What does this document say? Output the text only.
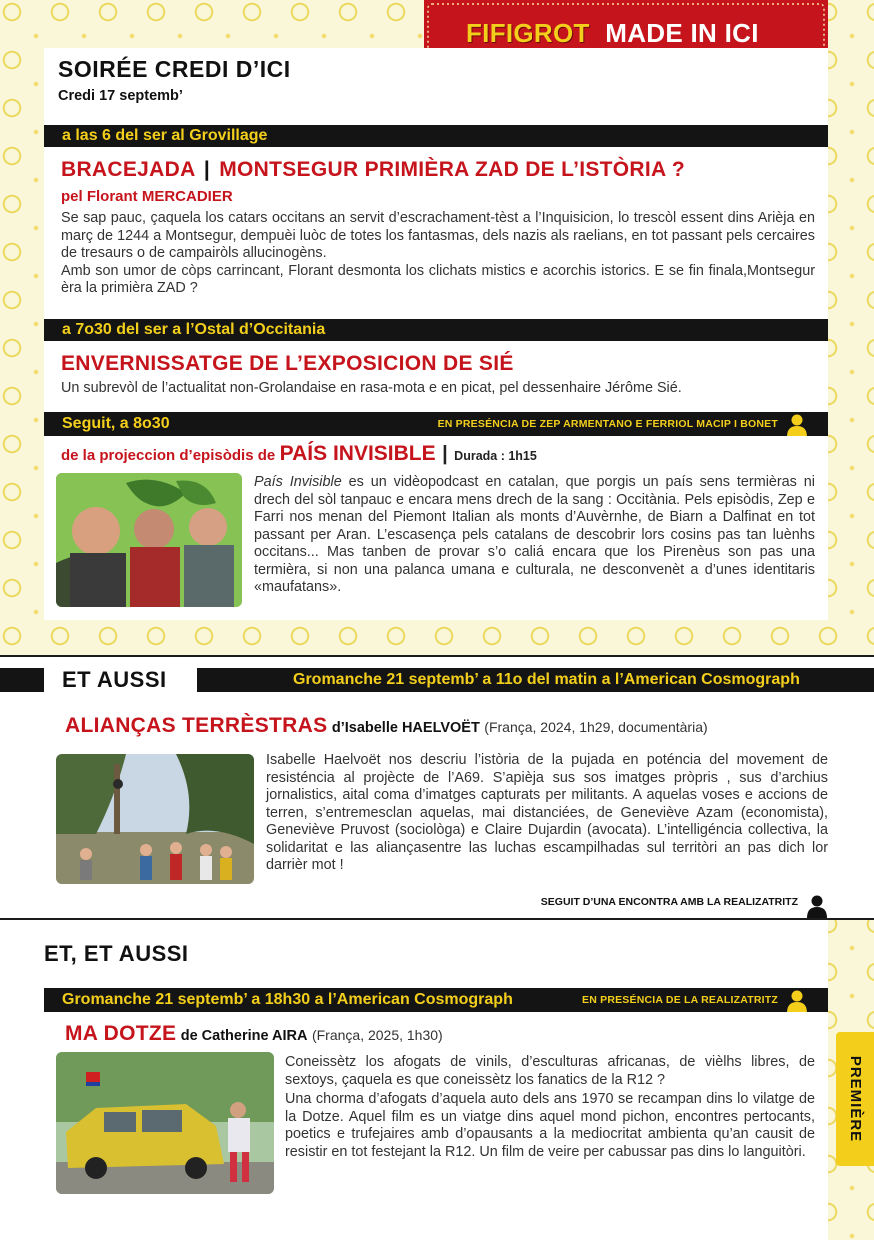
FIFIGROT MADE IN ICI
SOIRÉE CREDI D’ICI
Credi 17 septemb’
a las 6 del ser al Grovillage
BRACEJADA | MONTSEGUR PRIMIÈRA ZAD DE L’ISTÒRIA ?
pel Florant MERCADIER
Se sap pauc, çaquela los catars occitans an servit d’escrachament-tèst a l’Inquisicion, lo trescòl essent dins Arièja en març de 1244 a Montsegur, dempuèi luòc de totes los fantasmas, dels nazis als raelians, en tot passant pels cercaires de tresaurs o de campairòls allucinogèns.
Amb son umor de còps carrincant, Florant desmonta los clichats mistics e acorchis istorics. E se fin finala,Montsegur èra la primièra ZAD ?
a 7o30 del ser a l’Ostal d’Occitania
ENVERNISSATGE DE L’EXPOSICION DE SIÉ
Un subrevòl de l’actualitat non-Grolandaise en rasa-mota e en picat, pel dessenhaire Jérôme Sié.
Seguit, a 8o30	EN PRESÉNCIA DE ZEP ARMENTANO E FERRIOL MACIP I BONET
de la projeccion d’episòdis de PAÍS INVISIBLE | Durada : 1h15
País Invisible es un vidèopodcast en catalan, que porgis un país sens termièras ni drech del sòl tanpauc e encara mens drech de la sang : Occitània. Pels episòdis, Zep e Farri nos menan del Piemont Italian als monts d’Auvèrnhe, de Biarn a Dalfinat en tot passant per Aran. L’escasença pels catalans de descobrir lors cosins pas tan luènhs occitans... Mas tanben de provar s’o caliá encara que los Pirenèus son pas una termièra, si non una palanca umana e culturala, ne desconvenèt a d’unes identitaris «maufatans».
ET AUSSI	Gromanche 21 septemb’ a 11o del matin a l’American Cosmograph
ALIANÇAS TERRÈSTRAS d’Isabelle HAELVOËT (França, 2024, 1h29, documentària)
Isabelle Haelvoët nos descriu l’istòria de la pujada en poténcia del movement de resisténcia al projècte de l’A69. S’apièja sus sos imatges pròpris , sus d’archius jornalistics, aital coma d’imatges capturats per militants. A aquelas voses e accions de terren, s’entremesclan aquelas, mai distanciées, de Geneviève Azam (economista), Geneviève Pruvost (sociològa) e Claire Dujardin (avocata). L’intelligéncia collectiva, la solidaritat e las aliançasentre las luchas escampilhadas sul territòri an pas dich lor darrièr mot !
SEGUIT D’UNA ENCONTRA AMB LA REALIZATRITZ
ET, ET AUSSI
Gromanche 21 septemb’ a 18h30 a l’American Cosmograph	EN PRESÉNCIA DE LA REALIZATRITZ
MA DOTZE de Catherine AIRA (França, 2025, 1h30)
Coneissètz los afogats de vinils, d’esculturas africanas, de vièlhs libres, de sextoys, çaquela es que coneissètz los fanatics de la R12 ?
Una chorma d’afogats d’aquela auto dels ans 1970 se recampan dins lo vilatge de la Dotze. Aquel film es un viatge dins aquel mond pichon, encontres pertocants, poetics e trufejaires amb d’opausants a la mediocritat ambienta qu’an causit de resistir en tot festejant la R12. Un film de veire per cabussar pas dins lo languitòri.
PREMIÈRE
